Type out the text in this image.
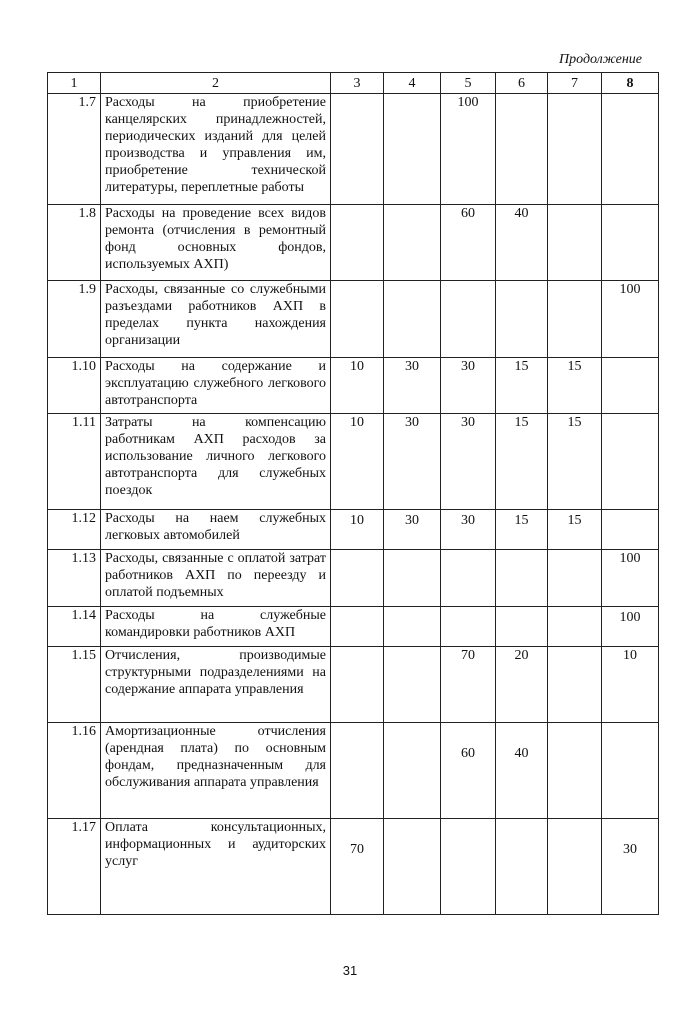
Продолжение
1	2	3	4	5	6	7	8
1.7	Расходы на приобретение канцелярских принадлежностей, периодических изданий для целей производства и управления им, приобретение технической литературы, переплетные работы			100			
1.8	Расходы на проведение всех видов ремонта (отчисления в ремонтный фонд основных фондов, используемых АХП)			60	40		
1.9	Расходы, связанные со служебными разъездами работников АХП в пределах пункта нахождения организации						100
1.10	Расходы на содержание и эксплуатацию служебного легкового автотранспорта	10	30	30	15	15	
1.11	Затраты на компенсацию работникам АХП расходов за использование личного легкового автотранспорта для служебных поездок	10	30	30	15	15	
1.12	Расходы на наем служебных легковых автомобилей	10	30	30	15	15	
1.13	Расходы, связанные с оплатой затрат работников АХП по переезду и оплатой подъемных						100
1.14	Расходы на служебные командировки работников АХП						100
1.15	Отчисления, производимые структурными подразделениями на содержание аппарата управления			70	20		10
1.16	Амортизационные отчисления (арендная плата) по основным фондам, предназначенным для обслуживания аппарата управления			60	40		
1.17	Оплата консультационных, информационных и аудиторских услуг	70					30
31
